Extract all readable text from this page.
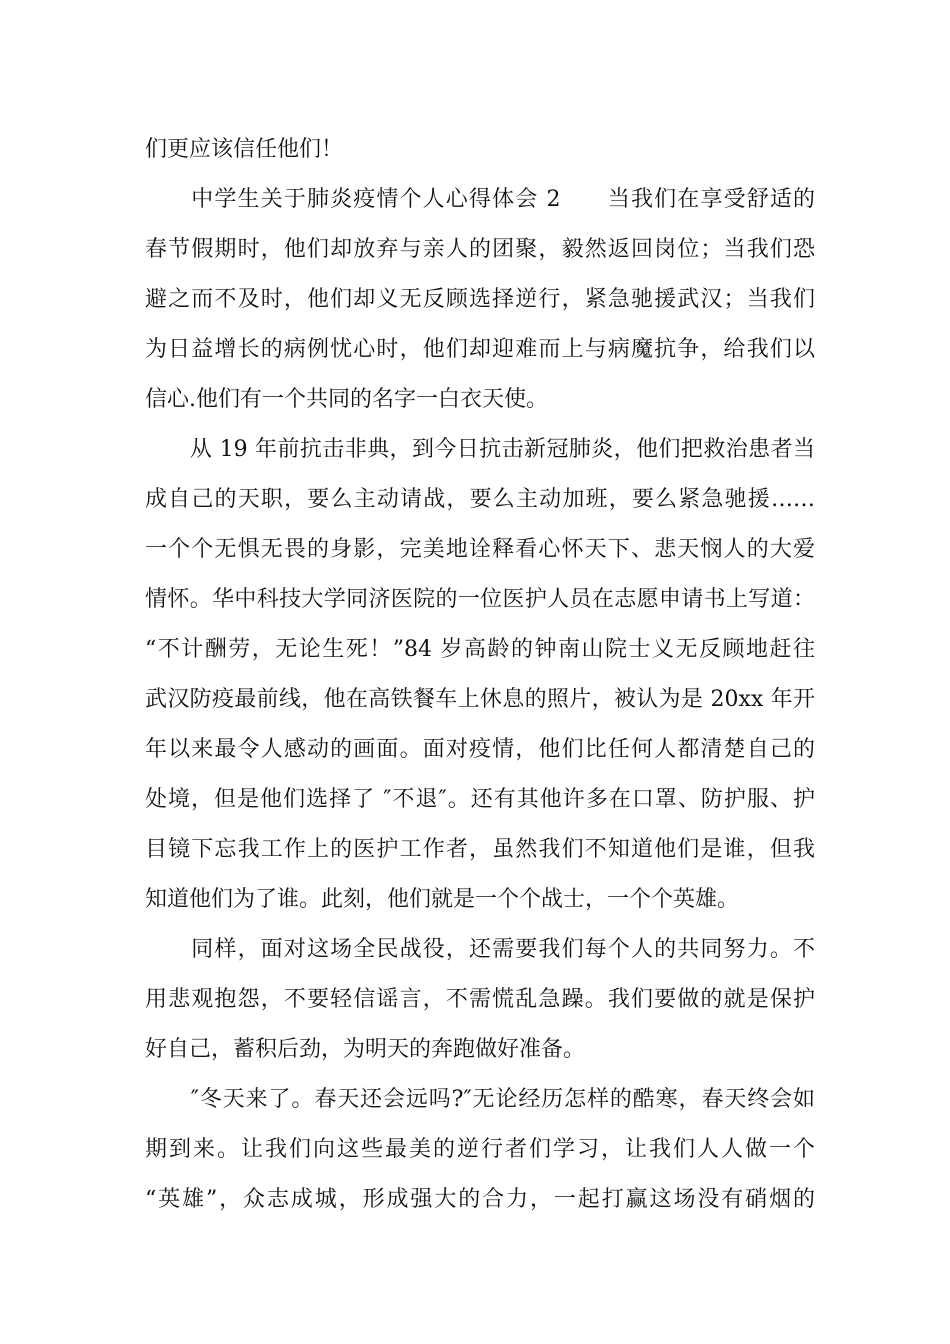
们更应该信任他们！
　　中学生关于肺炎疫情个人心得体会 2　　当我们在享受舒适的
春节假期时，他们却放弃与亲人的团聚，毅然返回岗位；当我们恐
避之而不及时，他们却义无反顾选择逆行，紧急驰援武汉；当我们
为日益增长的病例忧心时，他们却迎难而上与病魔抗争，给我们以
信心.他们有一个共同的名字一白衣天使。
　　从 19 年前抗击非典，到今日抗击新冠肺炎，他们把救治患者当
成自己的天职，要么主动请战，要么主动加班，要么紧急驰援……
一个个无惧无畏的身影，完美地诠释看心怀天下、悲天悯人的大爱
情怀。华中科技大学同济医院的一位医护人员在志愿申请书上写道：
“不计酬劳，无论生死！”84 岁高龄的钟南山院士义无反顾地赶往
武汉防疫最前线，他在高铁餐车上休息的照片，被认为是 20xx 年开
年以来最令人感动的画面。面对疫情，他们比任何人都清楚自己的
处境，但是他们选择了 ″不退″。还有其他许多在口罩、防护服、护
目镜下忘我工作上的医护工作者，虽然我们不知道他们是谁，但我
知道他们为了谁。此刻，他们就是一个个战士，一个个英雄。
　　同样，面对这场全民战役，还需要我们每个人的共同努力。不
用悲观抱怨，不要轻信谣言，不需慌乱急躁。我们要做的就是保护
好自己，蓄积后劲，为明天的奔跑做好准备。
　　″冬天来了。春天还会远吗?″无论经历怎样的酷寒，春天终会如
期到来。让我们向这些最美的逆行者们学习，让我们人人做一个
“英雄”，众志成城，形成强大的合力，一起打赢这场没有硝烟的
